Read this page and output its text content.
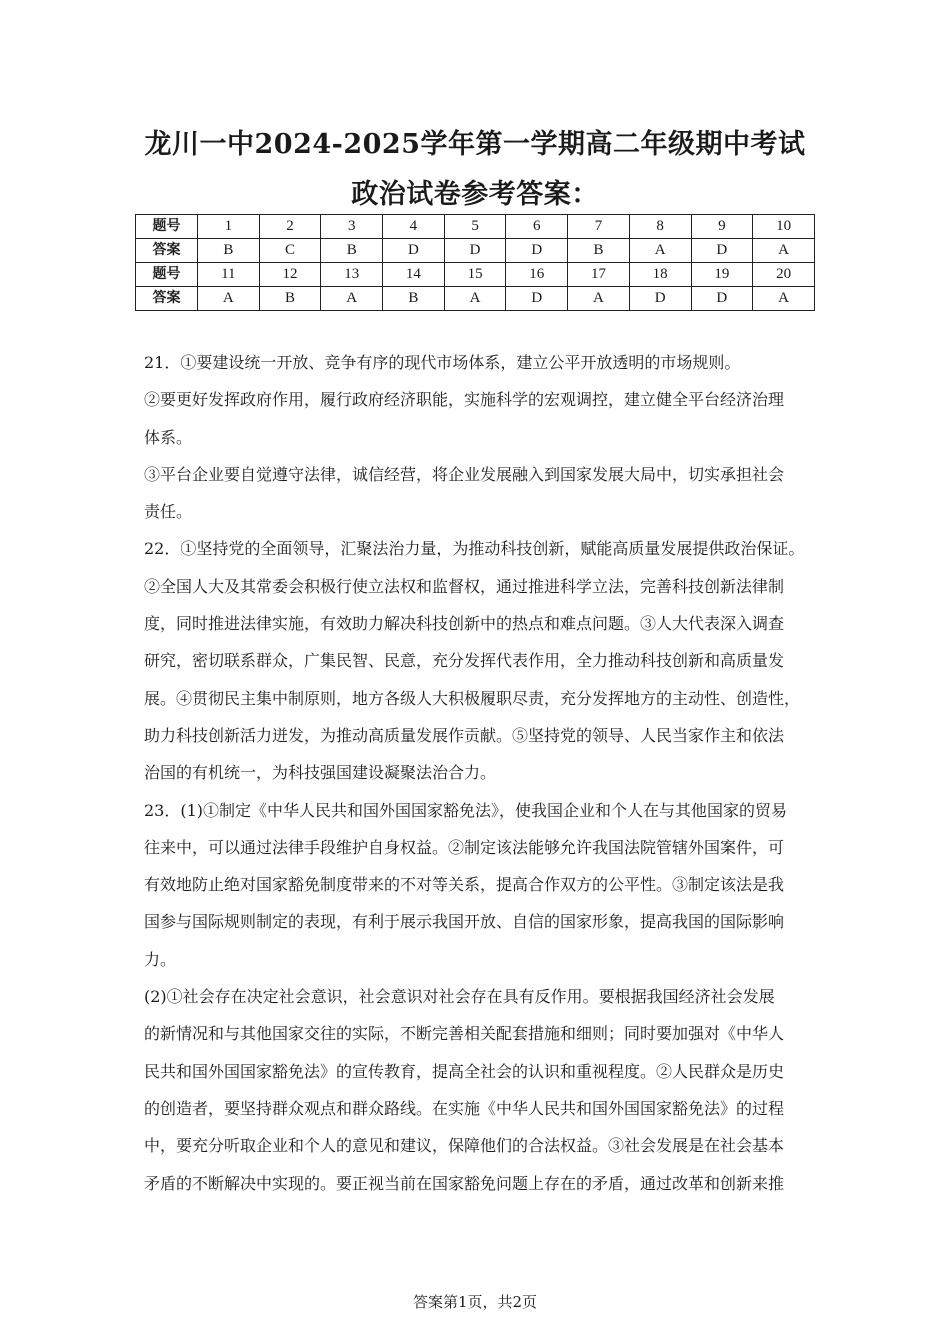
龙川一中2024-2025学年第一学期高二年级期中考试
政治试卷参考答案：
题号	1	2	3	4	5	6	7	8	9	10
答案	B	C	B	D	D	D	B	A	D	A
题号	11	12	13	14	15	16	17	18	19	20
答案	A	B	A	B	A	D	A	D	D	A

21．①要建设统一开放、竞争有序的现代市场体系，建立公平开放透明的市场规则。
②要更好发挥政府作用，履行政府经济职能，实施科学的宏观调控，建立健全平台经济治理
体系。
③平台企业要自觉遵守法律，诚信经营，将企业发展融入到国家发展大局中，切实承担社会
责任。

22．①坚持党的全面领导，汇聚法治力量，为推动科技创新，赋能高质量发展提供政治保证。
②全国人大及其常委会积极行使立法权和监督权，通过推进科学立法，完善科技创新法律制
度，同时推进法律实施，有效助力解决科技创新中的热点和难点问题。③人大代表深入调查
研究，密切联系群众，广集民智、民意，充分发挥代表作用，全力推动科技创新和高质量发
展。④贯彻民主集中制原则，地方各级人大积极履职尽责，充分发挥地方的主动性、创造性，
助力科技创新活力迸发，为推动高质量发展作贡献。⑤坚持党的领导、人民当家作主和依法
治国的有机统一，为科技强国建设凝聚法治合力。

23．(1)①制定《中华人民共和国外国国家豁免法》，使我国企业和个人在与其他国家的贸易
往来中，可以通过法律手段维护自身权益。②制定该法能够允许我国法院管辖外国案件，可
有效地防止绝对国家豁免制度带来的不对等关系，提高合作双方的公平性。③制定该法是我
国参与国际规则制定的表现，有利于展示我国开放、自信的国家形象，提高我国的国际影响
力。

(2)①社会存在决定社会意识，社会意识对社会存在具有反作用。要根据我国经济社会发展
的新情况和与其他国家交往的实际，不断完善相关配套措施和细则；同时要加强对《中华人
民共和国外国国家豁免法》的宣传教育，提高全社会的认识和重视程度。②人民群众是历史
的创造者，要坚持群众观点和群众路线。在实施《中华人民共和国外国国家豁免法》的过程
中，要充分听取企业和个人的意见和建议，保障他们的合法权益。③社会发展是在社会基本
矛盾的不断解决中实现的。要正视当前在国家豁免问题上存在的矛盾，通过改革和创新来推

答案第1页，共2页
